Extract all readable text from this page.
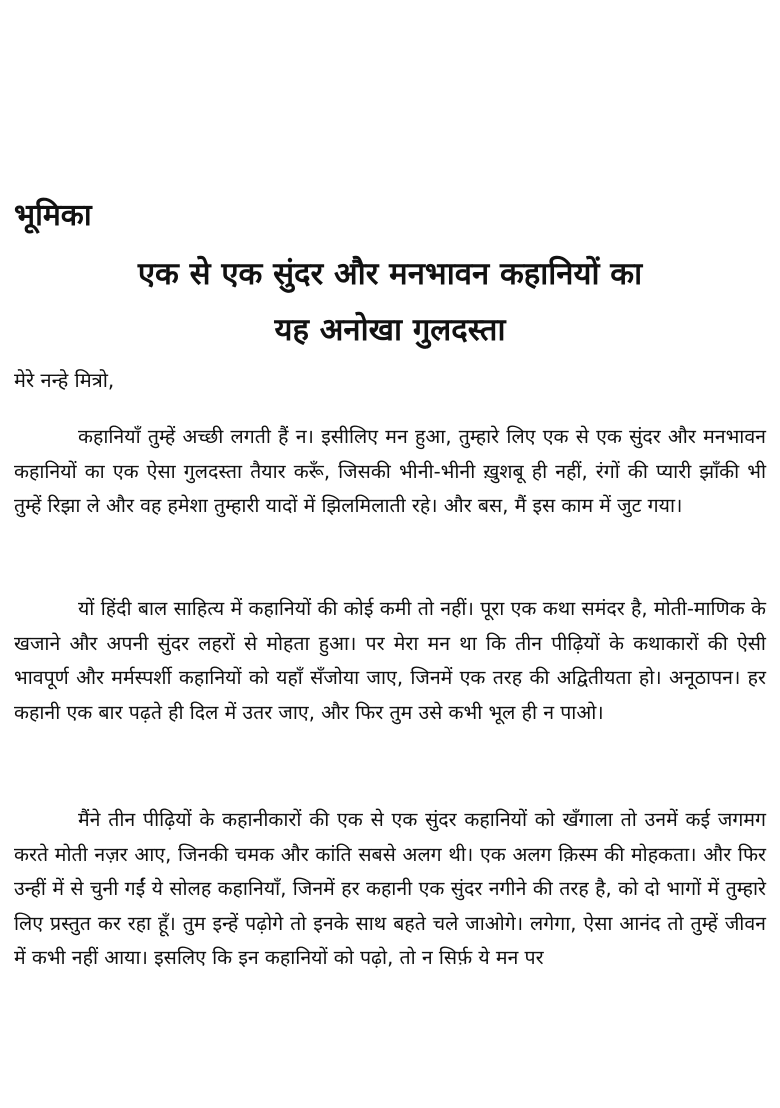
भूमिका
एक से एक सुंदर और मनभावन कहानियों का
यह अनोखा गुलदस्ता

मेरे नन्हे मित्रो,

कहानियाँ तुम्हें अच्छी लगती हैं न। इसीलिए मन हुआ, तुम्हारे लिए एक से एक सुंदर और मनभावन कहानियों का एक ऐसा गुलदस्ता तैयार करूँ, जिसकी भीनी-भीनी ख़ुशबू ही नहीं, रंगों की प्यारी झाँकी भी तुम्हें रिझा ले और वह हमेशा तुम्हारी यादों में झिलमिलाती रहे। और बस, मैं इस काम में जुट गया।

यों हिंदी बाल साहित्य में कहानियों की कोई कमी तो नहीं। पूरा एक कथा समंदर है, मोती-माणिक के खजाने और अपनी सुंदर लहरों से मोहता हुआ। पर मेरा मन था कि तीन पीढ़ियों के कथाकारों की ऐसी भावपूर्ण और मर्मस्पर्शी कहानियों को यहाँ सँजोया जाए, जिनमें एक तरह की अद्वितीयता हो। अनूठापन। हर कहानी एक बार पढ़ते ही दिल में उतर जाए, और फिर तुम उसे कभी भूल ही न पाओ।

मैंने तीन पीढ़ियों के कहानीकारों की एक से एक सुंदर कहानियों को खँगाला तो उनमें कई जगमग करते मोती नज़र आए, जिनकी चमक और कांति सबसे अलग थी। एक अलग क़िस्म की मोहकता। और फिर उन्हीं में से चुनी गईं ये सोलह कहानियाँ, जिनमें हर कहानी एक सुंदर नगीने की तरह है, को दो भागों में तुम्हारे लिए प्रस्तुत कर रहा हूँ। तुम इन्हें पढ़ोगे तो इनके साथ बहते चले जाओगे। लगेगा, ऐसा आनंद तो तुम्हें जीवन में कभी नहीं आया। इसलिए कि इन कहानियों को पढ़ो, तो न सिर्फ़ ये मन पर
